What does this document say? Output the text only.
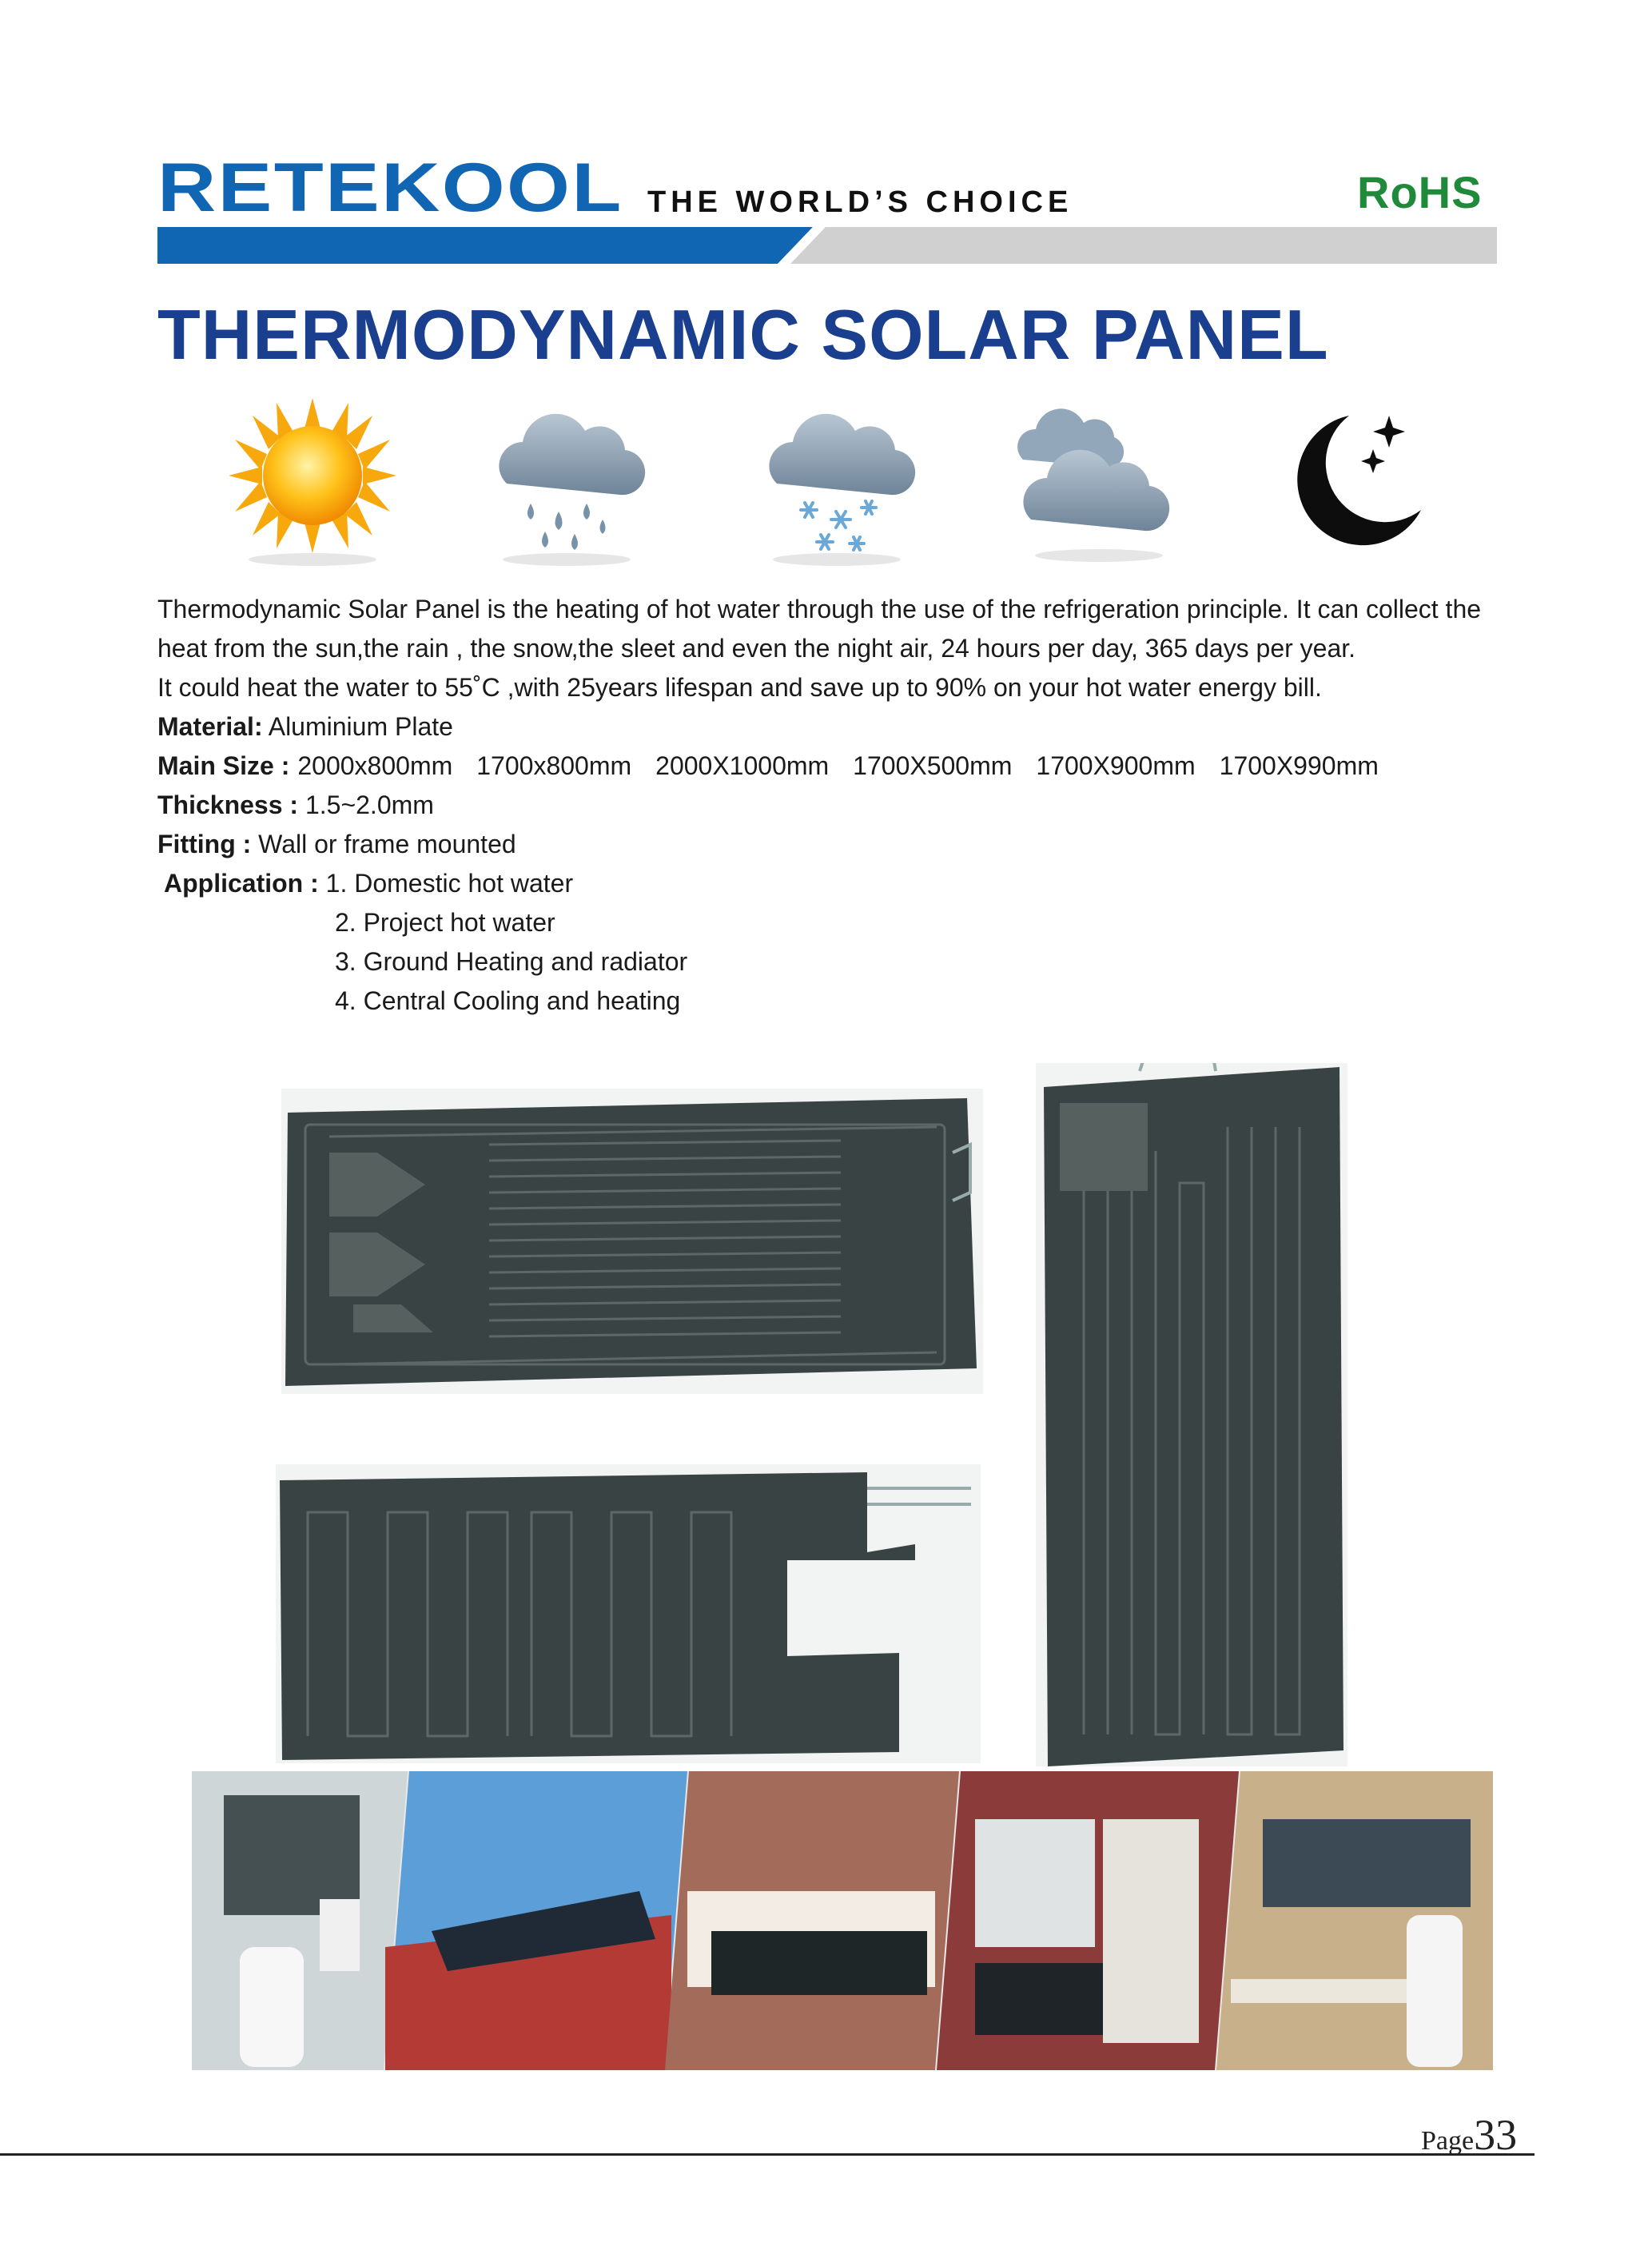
RETEKOOL THE WORLD’S CHOICE	RoHS
THERMODYNAMIC SOLAR PANEL

Thermodynamic Solar Panel is the heating of hot water through the use of the refrigeration principle. It can collect the heat from the sun,the rain , the snow,the sleet and even the night air, 24 hours per day, 365 days per year.

It could heat the water to 55˚C ,with 25years lifespan and save up to 90% on your hot water energy bill.

Material: Aluminium Plate

Main Size : 2000x800mm 1700x800mm 2000X1000mm 1700X500mm 1700X900mm 1700X990mm

Thickness : 1.5~2.0mm

Fitting : Wall or frame mounted

Application : 1. Domestic hot water

2. Project hot water
3. Ground Heating and radiator
4. Central Cooling and heating
Page33
